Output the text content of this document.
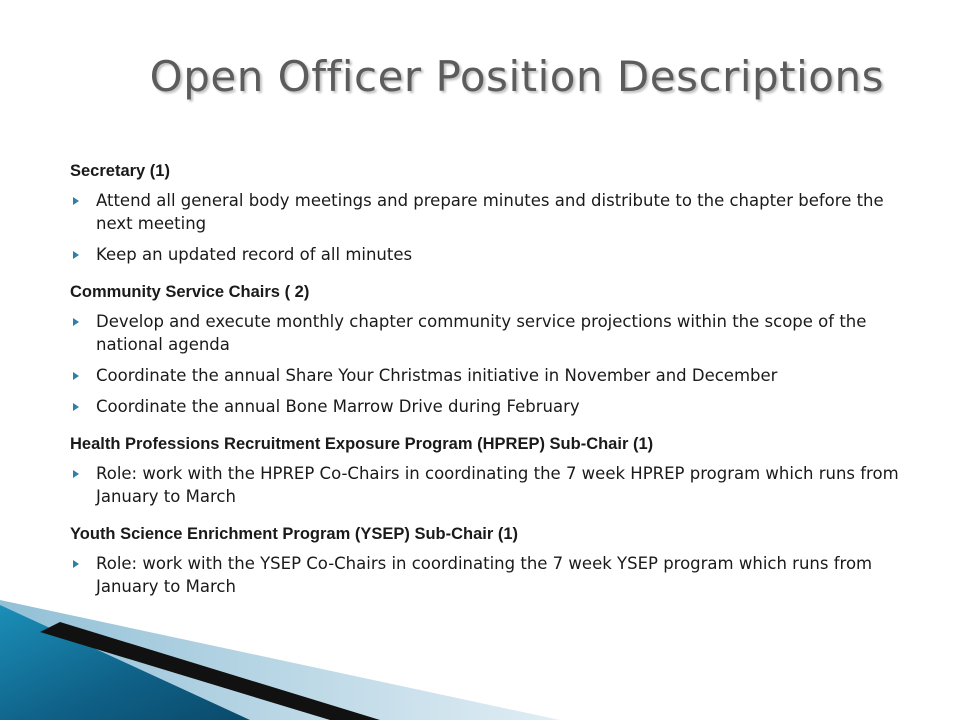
Open Officer Position Descriptions

Secretary (1)

Attend all general body meetings and prepare minutes and distribute to the chapter before the next meeting
Keep an updated record of all minutes

Community Service Chairs ( 2)

Develop and execute monthly chapter community service projections within the scope of the national agenda
Coordinate the annual Share Your Christmas initiative in November and December
Coordinate the annual Bone Marrow Drive during February

Health Professions Recruitment Exposure Program (HPREP) Sub-Chair (1)

Role: work with the HPREP Co-Chairs in coordinating the 7 week HPREP program which runs from January to March

Youth Science Enrichment Program (YSEP) Sub-Chair (1)

Role: work with the YSEP Co-Chairs in coordinating the 7 week YSEP program which runs from January to March
